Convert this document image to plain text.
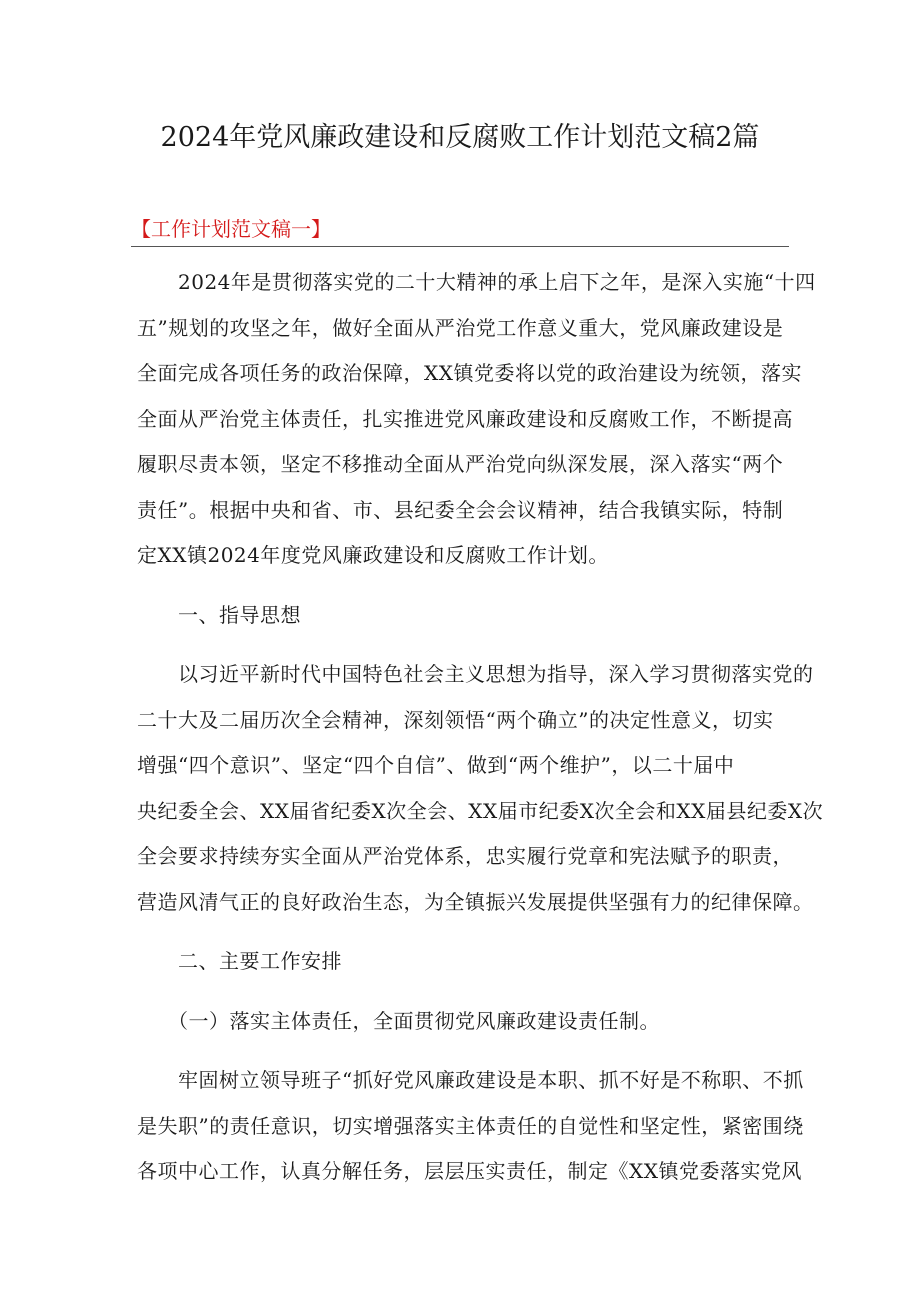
2024年党风廉政建设和反腐败工作计划范文稿2篇
【工作计划范文稿一】
　　2024年是贯彻落实党的二十大精神的承上启下之年，是深入实施“十四
五”规划的攻坚之年，做好全面从严治党工作意义重大，党风廉政建设是
全面完成各项任务的政治保障，XX镇党委将以党的政治建设为统领，落实
全面从严治党主体责任，扎实推进党风廉政建设和反腐败工作，不断提高
履职尽责本领，坚定不移推动全面从严治党向纵深发展，深入落实“两个
责任”。根据中央和省、市、县纪委全会会议精神，结合我镇实际，特制
定XX镇2024年度党风廉政建设和反腐败工作计划。
　　一、指导思想
　　以习近平新时代中国特色社会主义思想为指导，深入学习贯彻落实党的
二十大及二届历次全会精神，深刻领悟“两个确立”的决定性意义，切实
增强“四个意识”、坚定“四个自信”、做到“两个维护”，以二十届中
央纪委全会、XX届省纪委X次全会、XX届市纪委X次全会和XX届县纪委X次
全会要求持续夯实全面从严治党体系，忠实履行党章和宪法赋予的职责，
营造风清气正的良好政治生态，为全镇振兴发展提供坚强有力的纪律保障。
　　二、主要工作安排
　　（一）落实主体责任，全面贯彻党风廉政建设责任制。
　　牢固树立领导班子“抓好党风廉政建设是本职、抓不好是不称职、不抓
是失职”的责任意识，切实增强落实主体责任的自觉性和坚定性，紧密围绕
各项中心工作，认真分解任务，层层压实责任，制定《XX镇党委落实党风
